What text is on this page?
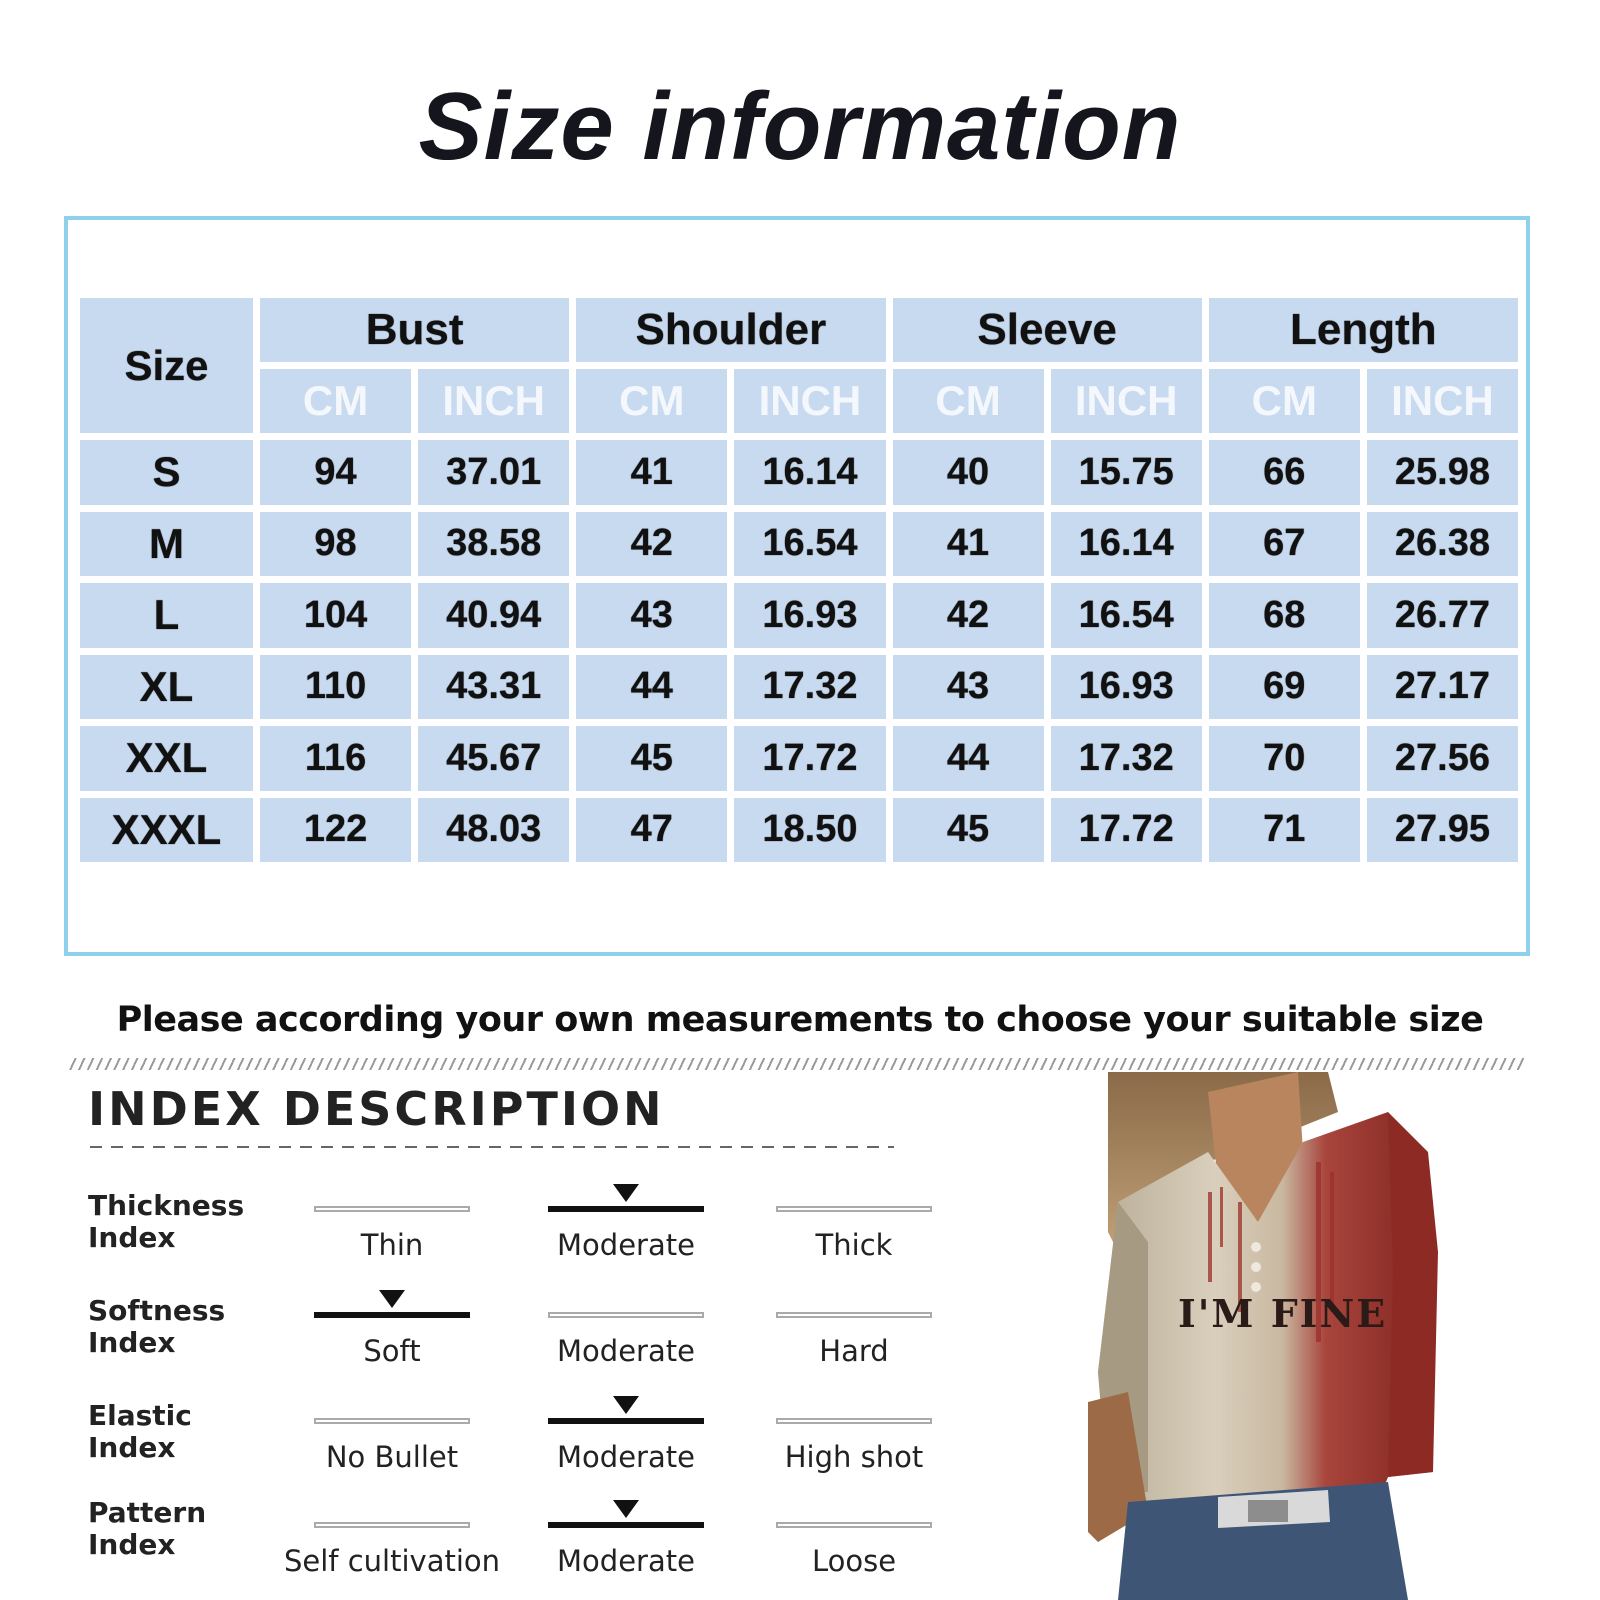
Size information
Size
Bust	Shoulder	Sleeve	Length
CM	INCH	CM	INCH	CM	INCH	CM	INCH
S	94	37.01	41	16.14	40	15.75	66	25.98
M	98	38.58	42	16.54	41	16.14	67	26.38
L	104	40.94	43	16.93	42	16.54	68	26.77
XL	110	43.31	44	17.32	43	16.93	69	27.17
XXL	116	45.67	45	17.72	44	17.32	70	27.56
XXXL	122	48.03	47	18.50	45	17.72	71	27.95
Please according your own measurements to choose your suitable size
INDEX DESCRIPTION
Thickness
Index	Thin	Moderate	Thick
Softness
Index	Soft	Moderate	Hard
Elastic
Index	No Bullet	Moderate	High shot
Pattern
Index	Self cultivation	Moderate	Loose
I'M FINE
